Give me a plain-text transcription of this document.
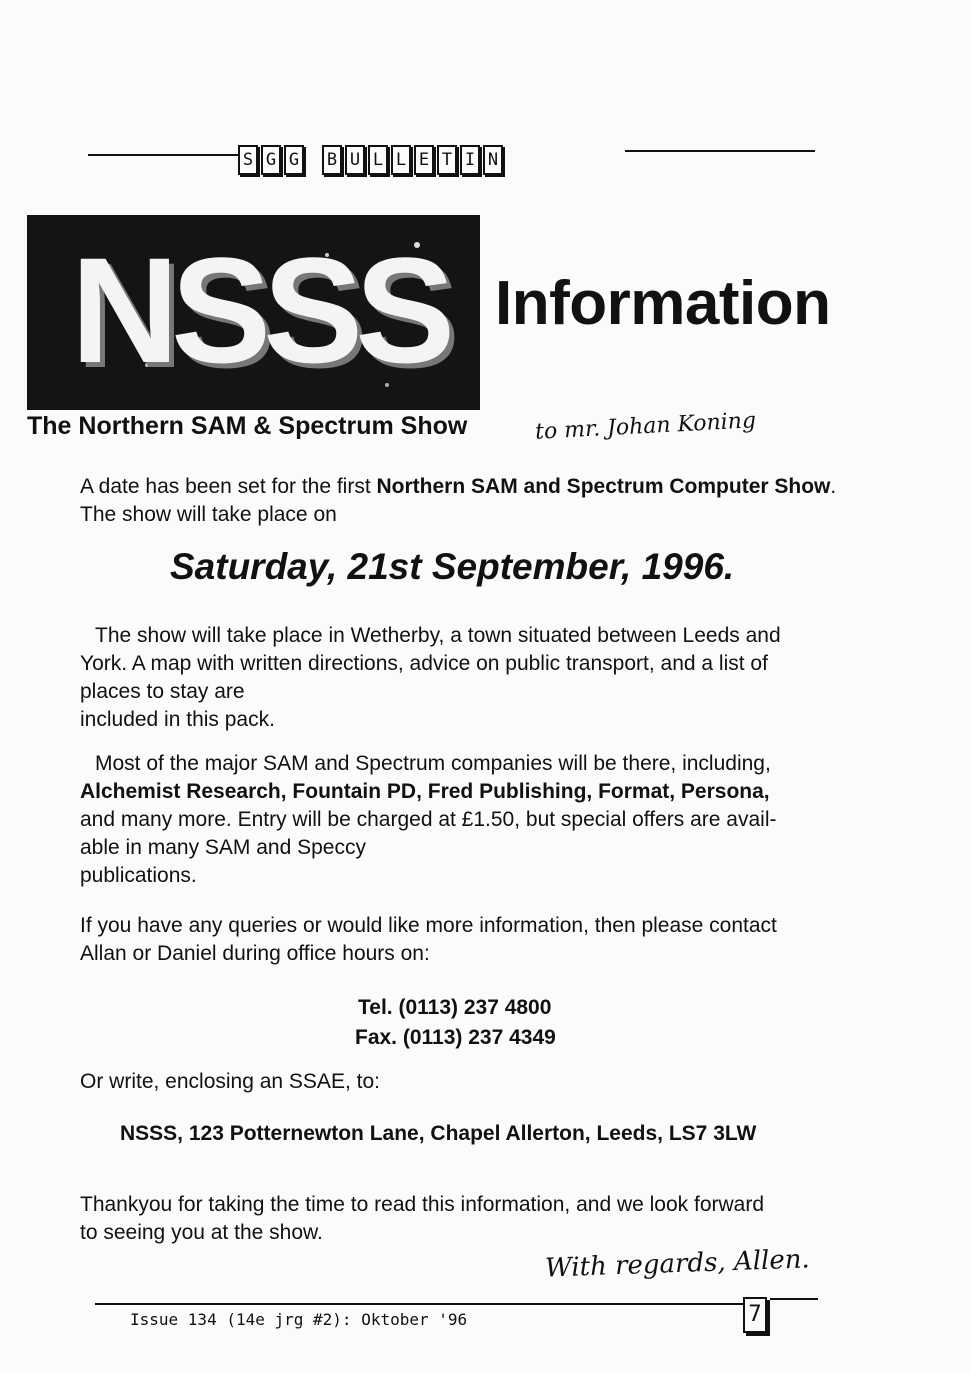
S G G B U L L E T I N
NSSS
The Northern SAM & Spectrum Show
Information
to mr. Johan Koning

A date has been set for the first Northern SAM and Spectrum Computer Show. The show will take place on

Saturday, 21st September, 1996.
The show will take place in Wetherby, a town situated between Leeds and
York. A map with written directions, advice on public transport, and a list of
places to stay are
included in this pack.
Most of the major SAM and Spectrum companies will be there, including,
Alchemist Research, Fountain PD, Fred Publishing, Format, Persona,
and many more. Entry will be charged at £1.50, but special offers are avail-
able in many SAM and Speccy
publications.
If you have any queries or would like more information, then please contact
Allan or Daniel during office hours on:
Tel. (0113) 237 4800
Fax. (0113) 237 4349
Or write, enclosing an SSAE, to:
NSSS, 123 Potternewton Lane, Chapel Allerton, Leeds, LS7 3LW
Thankyou for taking the time to read this information, and we look forward
to seeing you at the show.
With regards, Allen.
Issue 134 (14e jrg #2): Oktober '96	7
